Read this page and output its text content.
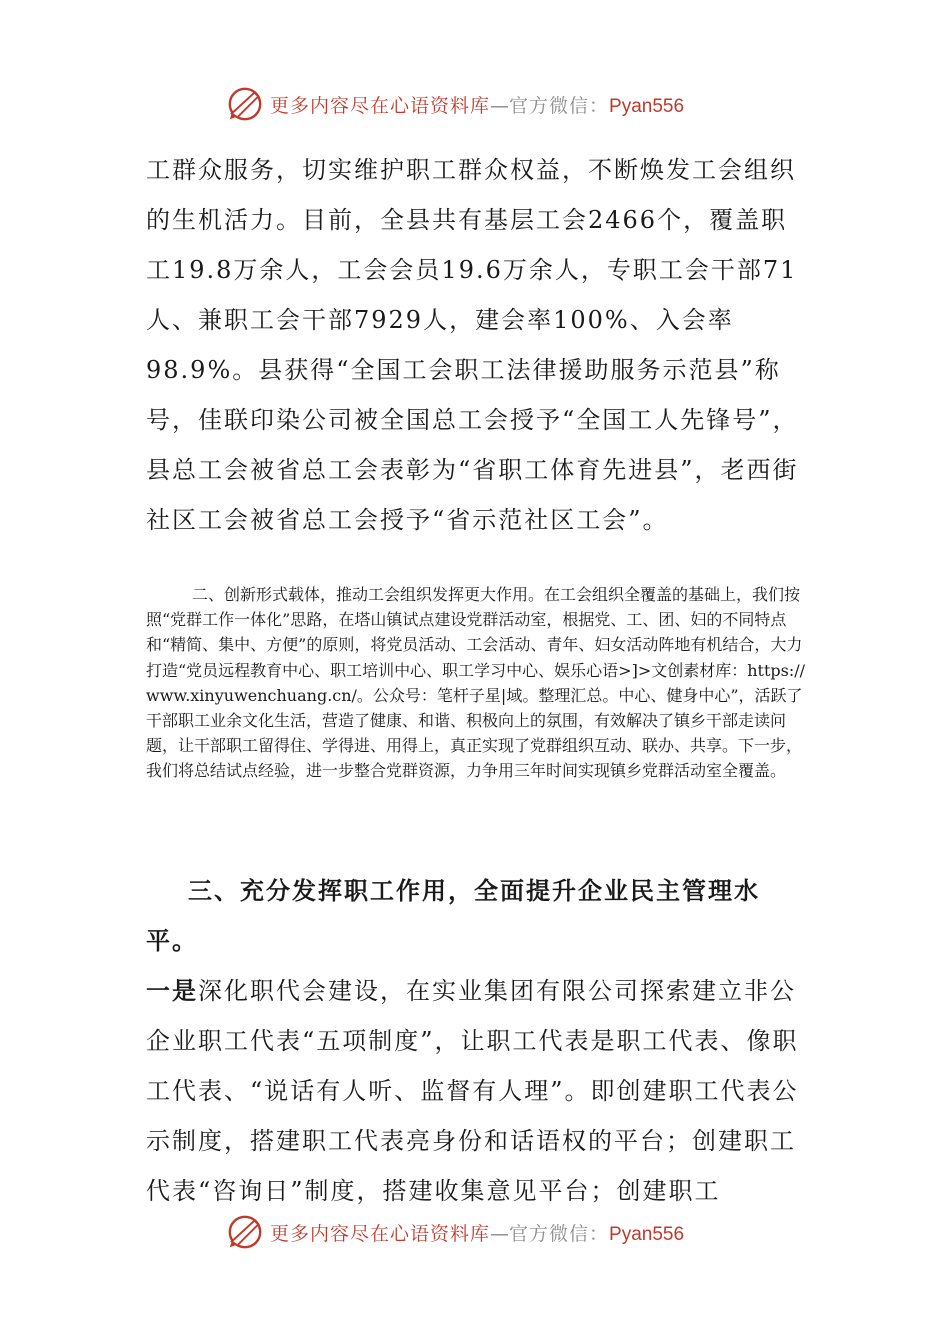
更多内容尽在心语资料库—官方微信：Pyan556

工群众服务，切实维护职工群众权益，不断焕发工会组织的生机活力。目前，全县共有基层工会2466个，覆盖职工19.8万余人，工会会员19.6万余人，专职工会干部71人、兼职工会干部7929人，建会率100%、入会率98.9%。县获得“全国工会职工法律援助服务示范县”称号，佳联印染公司被全国总工会授予“全国工人先锋号”，县总工会被省总工会表彰为“省职工体育先进县”，老西街社区工会被省总工会授予“省示范社区工会”。

二、创新形式载体，推动工会组织发挥更大作用。在工会组织全覆盖的基础上，我们按照“党群工作一体化”思路，在塔山镇试点建设党群活动室，根据党、工、团、妇的不同特点和“精简、集中、方便”的原则，将党员活动、工会活动、青年、妇女活动阵地有机结合，大力打造“党员远程教育中心、职工培训中心、职工学习中心、娱乐心语>]>文创素材库：https://www.xinyuwenchuang.cn/。公众号：笔杆子星|域。整理汇总。中心、健身中心”，活跃了干部职工业余文化生活，营造了健康、和谐、积极向上的氛围，有效解决了镇乡干部走读问题，让干部职工留得住、学得进、用得上，真正实现了党群组织互动、联办、共享。下一步，我们将总结试点经验，进一步整合党群资源，力争用三年时间实现镇乡党群活动室全覆盖。

三、充分发挥职工作用，全面提升企业民主管理水平。
一是深化职代会建设，在实业集团有限公司探索建立非公企业职工代表“五项制度”，让职工代表是职工代表、像职工代表、“说话有人听、监督有人理”。即创建职工代表公示制度，搭建职工代表亮身份和话语权的平台；创建职工代表“咨询日”制度，搭建收集意见平台；创建职工
更多内容尽在心语资料库—官方微信：Pyan556
